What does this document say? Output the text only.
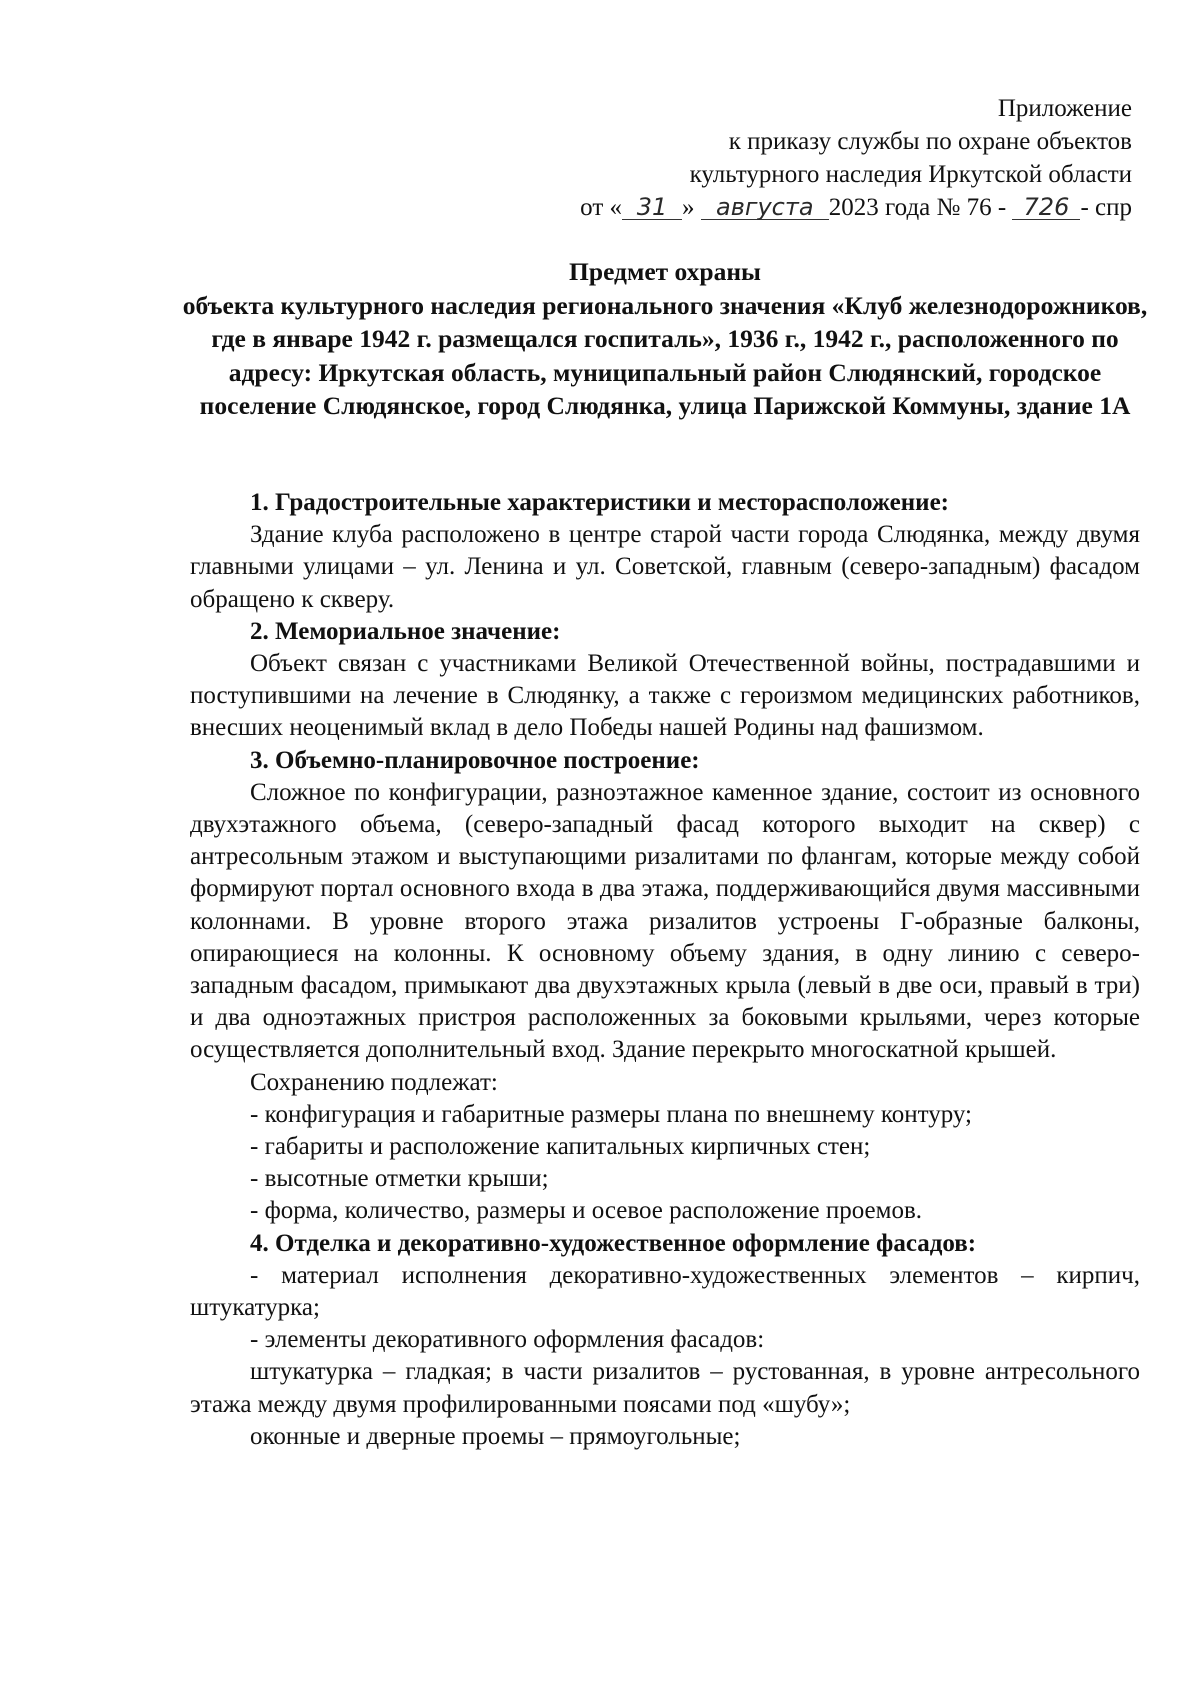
Приложение
к приказу службы по охране объектов
культурного наследия Иркутской области
от « 31 » августа 2023 года № 76 - 726 - спр
Предмет охраны
объекта культурного наследия регионального значения «Клуб железнодорожников, где в январе 1942 г. размещался госпиталь», 1936 г., 1942 г., расположенного по адресу: Иркутская область, муниципальный район Слюдянский, городское поселение Слюдянское, город Слюдянка, улица Парижской Коммуны, здание 1А
1. Градостроительные характеристики и месторасположение:
Здание клуба расположено в центре старой части города Слюдянка, между двумя главными улицами – ул. Ленина и ул. Советской, главным (северо-западным) фасадом обращено к скверу.
2. Мемориальное значение:
Объект связан с участниками Великой Отечественной войны, пострадавшими и поступившими на лечение в Слюдянку, а также с героизмом медицинских работников, внесших неоценимый вклад в дело Победы нашей Родины над фашизмом.
3. Объемно-планировочное построение:
Сложное по конфигурации, разноэтажное каменное здание, состоит из основного двухэтажного объема, (северо-западный фасад которого выходит на сквер) с антресольным этажом и выступающими ризалитами по флангам, которые между собой формируют портал основного входа в два этажа, поддерживающийся двумя массивными колоннами. В уровне второго этажа ризалитов устроены Г-образные балконы, опирающиеся на колонны. К основному объему здания, в одну линию с северо-западным фасадом, примыкают два двухэтажных крыла (левый в две оси, правый в три) и два одноэтажных пристроя расположенных за боковыми крыльями, через которые осуществляется дополнительный вход. Здание перекрыто многоскатной крышей.
Сохранению подлежат:
- конфигурация и габаритные размеры плана по внешнему контуру;
- габариты и расположение капитальных кирпичных стен;
- высотные отметки крыши;
- форма, количество, размеры и осевое расположение проемов.
4. Отделка и декоративно-художественное оформление фасадов:
- материал исполнения декоративно-художественных элементов – кирпич, штукатурка;
- элементы декоративного оформления фасадов:
штукатурка – гладкая; в части ризалитов – рустованная, в уровне антресольного этажа между двумя профилированными поясами под «шубу»;
оконные и дверные проемы – прямоугольные;
